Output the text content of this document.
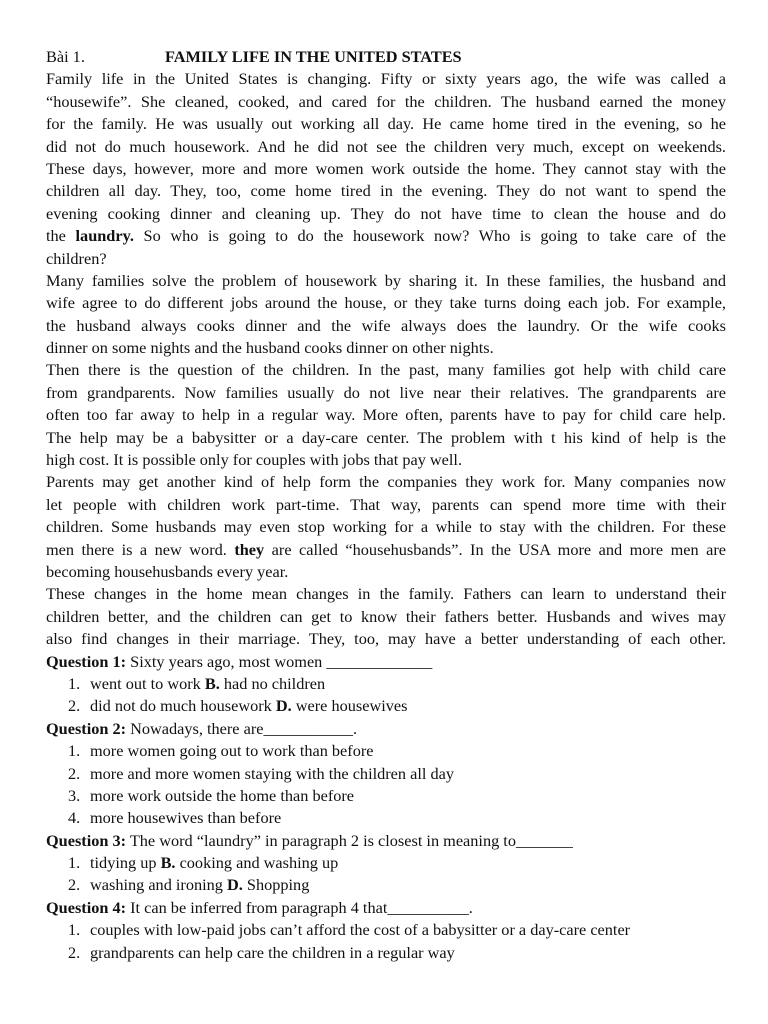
Bài 1.	FAMILY LIFE IN THE UNITED STATES
Family life in the United States is changing. Fifty or sixty years ago, the wife was called a
“housewife”. She cleaned, cooked, and cared for the children. The husband earned the money
for the family. He was usually out working all day. He came home tired in the evening, so he
did not do much housework. And he did not see the children very much, except on weekends.
These days, however, more and more women work outside the home. They cannot stay with the
children all day. They, too, come home tired in the evening. They do not want to spend the
evening cooking dinner and cleaning up. They do not have time to clean the house and do
the laundry. So who is going to do the housework now? Who is going to take care of the
children?
Many families solve the problem of housework by sharing it. In these families, the husband and
wife agree to do different jobs around the house, or they take turns doing each job. For example,
the husband always cooks dinner and the wife always does the laundry. Or the wife cooks
dinner on some nights and the husband cooks dinner on other nights.
Then there is the question of the children. In the past, many families got help with child care
from grandparents. Now families usually do not live near their relatives. The grandparents are
often too far away to help in a regular way. More often, parents have to pay for child care help.
The help may be a babysitter or a day-care center. The problem with t his kind of help is the
high cost. It is possible only for couples with jobs that pay well.
Parents may get another kind of help form the companies they work for. Many companies now
let people with children work part-time. That way, parents can spend more time with their
children. Some husbands may even stop working for a while to stay with the children. For these
men there is a new word. they are called “househusbands”. In the USA more and more men are
becoming househusbands every year.
These changes in the home mean changes in the family. Fathers can learn to understand their
children better, and the children can get to know their fathers better. Husbands and wives may
also find changes in their marriage. They, too, may have a better understanding of each other.
Question 1: Sixty years ago, most women _____________
1. went out to work B. had no children
2. did not do much housework D. were housewives
Question 2: Nowadays, there are___________.
1. more women going out to work than before
2. more and more women staying with the children all day
3. more work outside the home than before
4. more housewives than before
Question 3: The word “laundry” in paragraph 2 is closest in meaning to_______
1. tidying up B. cooking and washing up
2. washing and ironing D. Shopping
Question 4: It can be inferred from paragraph 4 that__________.
1. couples with low-paid jobs can’t afford the cost of a babysitter or a day-care center
2. grandparents can help care the children in a regular way
